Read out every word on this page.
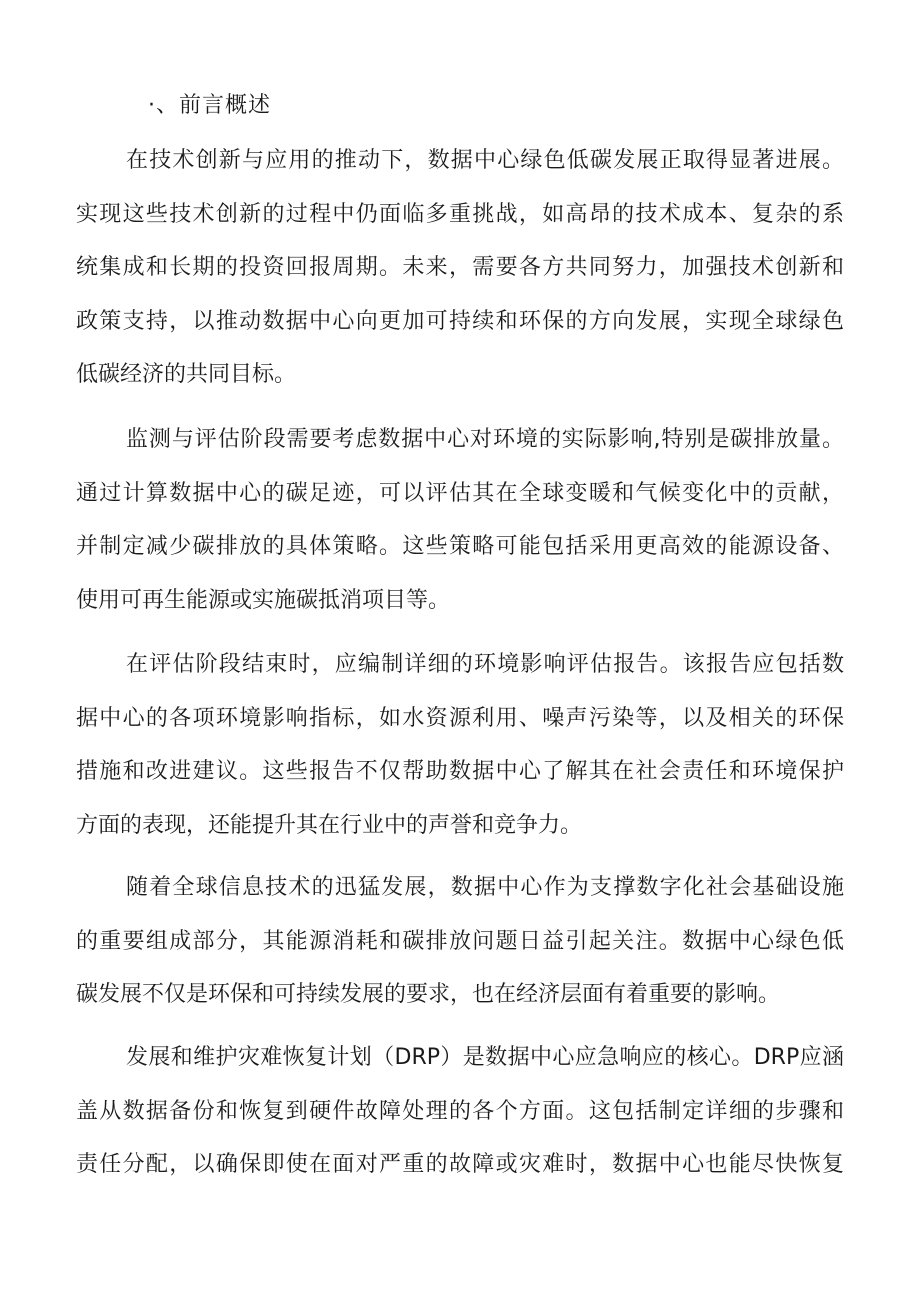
·、前言概述
在技术创新与应用的推动下，数据中心绿色低碳发展正取得显著进展。
实现这些技术创新的过程中仍面临多重挑战，如高昂的技术成本、复杂的系
统集成和长期的投资回报周期。未来，需要各方共同努力，加强技术创新和
政策支持，以推动数据中心向更加可持续和环保的方向发展，实现全球绿色
低碳经济的共同目标。
监测与评估阶段需要考虑数据中心对环境的实际影响,特别是碳排放量。
通过计算数据中心的碳足迹，可以评估其在全球变暖和气候变化中的贡献，
并制定减少碳排放的具体策略。这些策略可能包括采用更高效的能源设备、
使用可再生能源或实施碳抵消项目等。
在评估阶段结束时，应编制详细的环境影响评估报告。该报告应包括数
据中心的各项环境影响指标，如水资源利用、噪声污染等，以及相关的环保
措施和改进建议。这些报告不仅帮助数据中心了解其在社会责任和环境保护
方面的表现，还能提升其在行业中的声誉和竞争力。
随着全球信息技术的迅猛发展，数据中心作为支撑数字化社会基础设施
的重要组成部分，其能源消耗和碳排放问题日益引起关注。数据中心绿色低
碳发展不仅是环保和可持续发展的要求，也在经济层面有着重要的影响。
发展和维护灾难恢复计划（DRP）是数据中心应急响应的核心。DRP应涵
盖从数据备份和恢复到硬件故障处理的各个方面。这包括制定详细的步骤和
责任分配，以确保即使在面对严重的故障或灾难时，数据中心也能尽快恢复
